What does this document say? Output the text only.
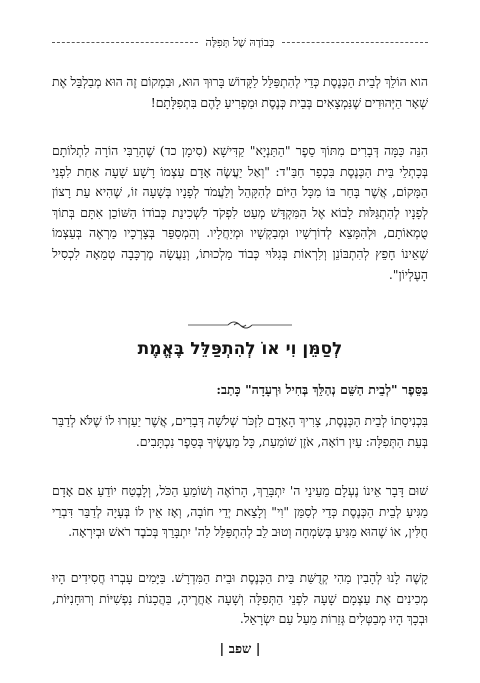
כְּבוֹדָהּ שֶׁל תְּפִלָּה

הוא הוֹלֵךְ לְבֵית הַכְּנֶסֶת כְּדֵי לְהִתְפַּלֵּל לַקָּדוֹשׁ בָּרוּךְ הוּא, וּבִמְקוֹם זֶה הוּא מְבַלְבֵּל אֶת שְׁאָר הַיְּהוּדִים שֶׁנִּמְצָאִים בְּבֵית כְּנֶסֶת וּמַפְרִיעַ לָהֶם בִּתְפִלָּתָם!

הִנֵּה כַּמָּה דְּבָרִים מִתּוֹךְ סֵפֶר "הַתַּנְיָא" קַדִּישָׁא (סִימָן כד) שֶׁהָרַבִּי הוֹרָה לִתְלוֹתָם בְּכָתְלֵי בֵּית הַכְּנֶסֶת בִּכְפַר חַבַּ"ד: "וְאַל יַעֲשֶׂה אָדָם עַצְמוֹ רָשָׁע שָׁעָה אַחַת לִפְנֵי הַמָּקוֹם, אֲשֶׁר בָּחַר בּוֹ מִכָּל הַיּוֹם לְהִקָּהֵל וְלַעֲמֹד לְפָנָיו בְּשָׁעָה זוֹ, שֶׁהִיא עֵת רָצוֹן לְפָנָיו לְהִתְגַּלּוּת לָבוֹא אֶל הַמִּקְדָּשׁ מְעַט לִפְקֹד לִשְׁכִינַת כְּבוֹדוֹ הַשּׁוֹכֵן אִתָּם בְּתוֹךְ טֻמְאוֹתָם, וּלְהִמָּצֵא לְדוֹרְשָׁיו וּמְבַקְשָׁיו וּמְיַחֲלָיו. וְהַמְסַפֵּר בְּצָרְכָיו מַרְאֶה בְּעַצְמוֹ שֶׁאֵינוֹ חָפֵץ לְהִתְבּוֹנֵן וְלִרְאוֹת בְּגִלּוּי כְּבוֹד מַלְכוּתוֹ, וְנַעֲשָׂה מֶרְכָּבָה טְמֵאָה לִכְסִיל הָעֶלְיוֹן".

לְסַמֵּן וִי אוֹ לְהִתְפַּלֵּל בֶּאֱמֶת

בַּסֵּפֶר "לְבֵית הַשֵּׁם נְהַלֵּךְ בְּחִיל וּרְעָדָה" כָּתַב:

בִּכְנִיסָתוֹ לְבֵית הַכְּנֶסֶת, צָרִיךְ הָאָדָם לִזְכֹּר שְׁלֹשָׁה דְּבָרִים, אֲשֶׁר יַעַזְרוּ לוֹ שֶׁלֹּא לְדַבֵּר בְּעֵת הַתְּפִלָּה: עַיִן רוֹאָה, אֹזֶן שׁוֹמַעַת, כָּל מַעֲשֶׂיךָ בְּסֵפֶר נִכְתָּבִים.

שׁוּם דָּבָר אֵינוֹ נֶעְלָם מֵעֵינֵי ה' יִתְבָּרֵךְ, הָרוֹאֶה וְשׁוֹמֵעַ הַכֹּל, וְלָבֶטַח יוֹדֵעַ אִם אָדָם מַגִּיעַ לְבֵית הַכְּנֶסֶת כְּדֵי לְסַמֵּן "וִי" וְלָצֵאת יְדֵי חוֹבָה, וְאָז אֵין לוֹ בְּעָיָה לְדַבֵּר דִּבְרֵי חֻלִּין, אוֹ שֶׁהוּא מַגִּיעַ בְּשִׂמְחָה וְטוּב לֵב לְהִתְפַּלֵּל לַה' יִתְבָּרֵךְ בְּכֹבֶד רֹאשׁ וּבְיִרְאָה.

קָשֶׁה לָנוּ לְהָבִין מַהִי קְדֻשַּׁת בֵּית הַכְּנֶסֶת וּבֵית הַמִּדְרָשׁ. בַּיָּמִים עָבְרוּ חֲסִידִים הָיוּ מְכִינִים אֶת עַצְמָם שָׁעָה לִפְנֵי הַתְּפִלָּה וְשָׁעָה אַחֲרֶיהָ, בַּהֲכָנוֹת נַפְשִׁיּוֹת וְרוּחָנִיּוֹת, וּבְכָךְ הָיוּ מְבַטְּלִים גְּזֵרוֹת מֵעַל עַם יִשְׂרָאֵל.

| שפב |
